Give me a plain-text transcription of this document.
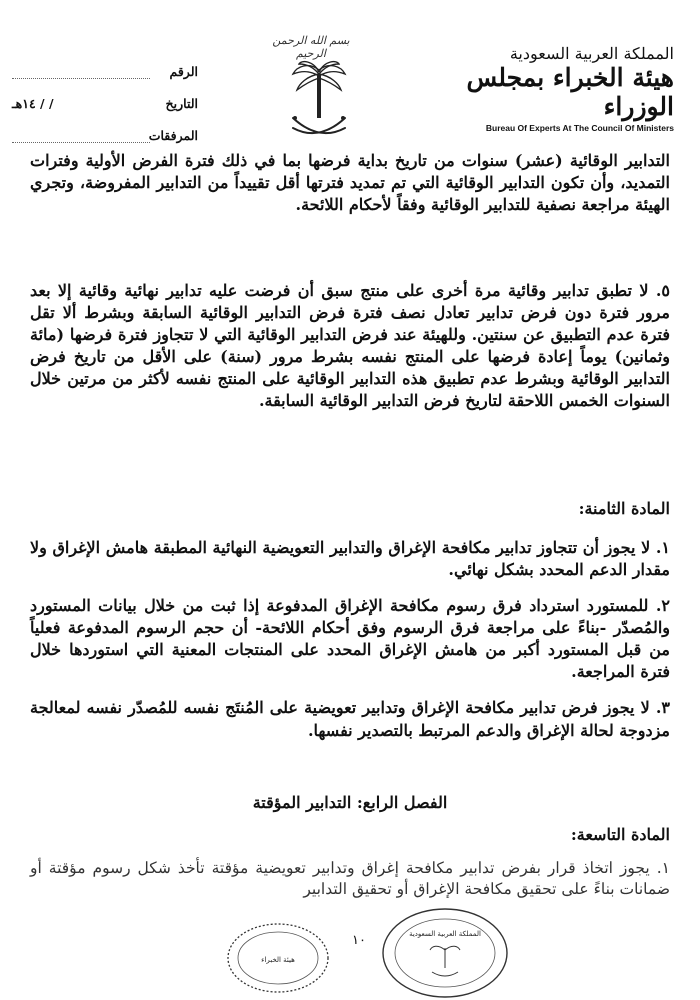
بسم الله الرحمن الرحيم
الرقم
التاريخ
/ / ١٤هـ
المرفقات
المملكة العربية السعودية
هيئة الخبراء بمجلس الوزراء
Bureau Of Experts At The Council Of Ministers
التدابير الوقائية (عشر) سنوات من تاريخ بداية فرضها بما في ذلك فترة الفرض الأولية وفترات التمديد، وأن تكون التدابير الوقائية التي تم تمديد فترتها أقل تقييداً من التدابير المفروضة، وتجري الهيئة مراجعة نصفية للتدابير الوقائية وفقاً لأحكام اللائحة.
٥. لا تطبق تدابير وقائية مرة أخرى على منتج سبق أن فرضت عليه تدابير نهائية وقائية إلا بعد مرور فترة دون فرض تدابير تعادل نصف فترة فرض التدابير الوقائية السابقة وبشرط ألا تقل فترة عدم التطبيق عن سنتين. وللهيئة عند فرض التدابير الوقائية التي لا تتجاوز فترة فرضها (مائة وثمانين) يوماً إعادة فرضها على المنتج نفسه بشرط مرور (سنة) على الأقل من تاريخ فرض التدابير الوقائية وبشرط عدم تطبيق هذه التدابير الوقائية على المنتج نفسه لأكثر من مرتين خلال السنوات الخمس اللاحقة لتاريخ فرض التدابير الوقائية السابقة.
المادة الثامنة:
١. لا يجوز أن تتجاوز تدابير مكافحة الإغراق والتدابير التعويضية النهائية المطبقة هامش الإغراق ولا مقدار الدعم المحدد بشكل نهائي.
٢. للمستورد استرداد فرق رسوم مكافحة الإغراق المدفوعة إذا ثبت من خلال بيانات المستورد والمُصدّر -بناءً على مراجعة فرق الرسوم وفق أحكام اللائحة- أن حجم الرسوم المدفوعة فعلياً من قبل المستورد أكبر من هامش الإغراق المحدد على المنتجات المعنية التي استوردها خلال فترة المراجعة.
٣. لا يجوز فرض تدابير مكافحة الإغراق وتدابير تعويضية على المُنتَج نفسه للمُصدّر نفسه لمعالجة مزدوجة لحالة الإغراق والدعم المرتبط بالتصدير نفسها.
الفصل الرابع: التدابير المؤقتة
المادة التاسعة:
١. يجوز اتخاذ قرار بفرض تدابير مكافحة إغراق وتدابير تعويضية مؤقتة تأخذ شكل رسوم مؤقتة أو ضمانات بناءً على تحقيق مكافحة الإغراق أو تحقيق التدابير
١٠
هيئة الخبراء
المملكة العربية السعودية
